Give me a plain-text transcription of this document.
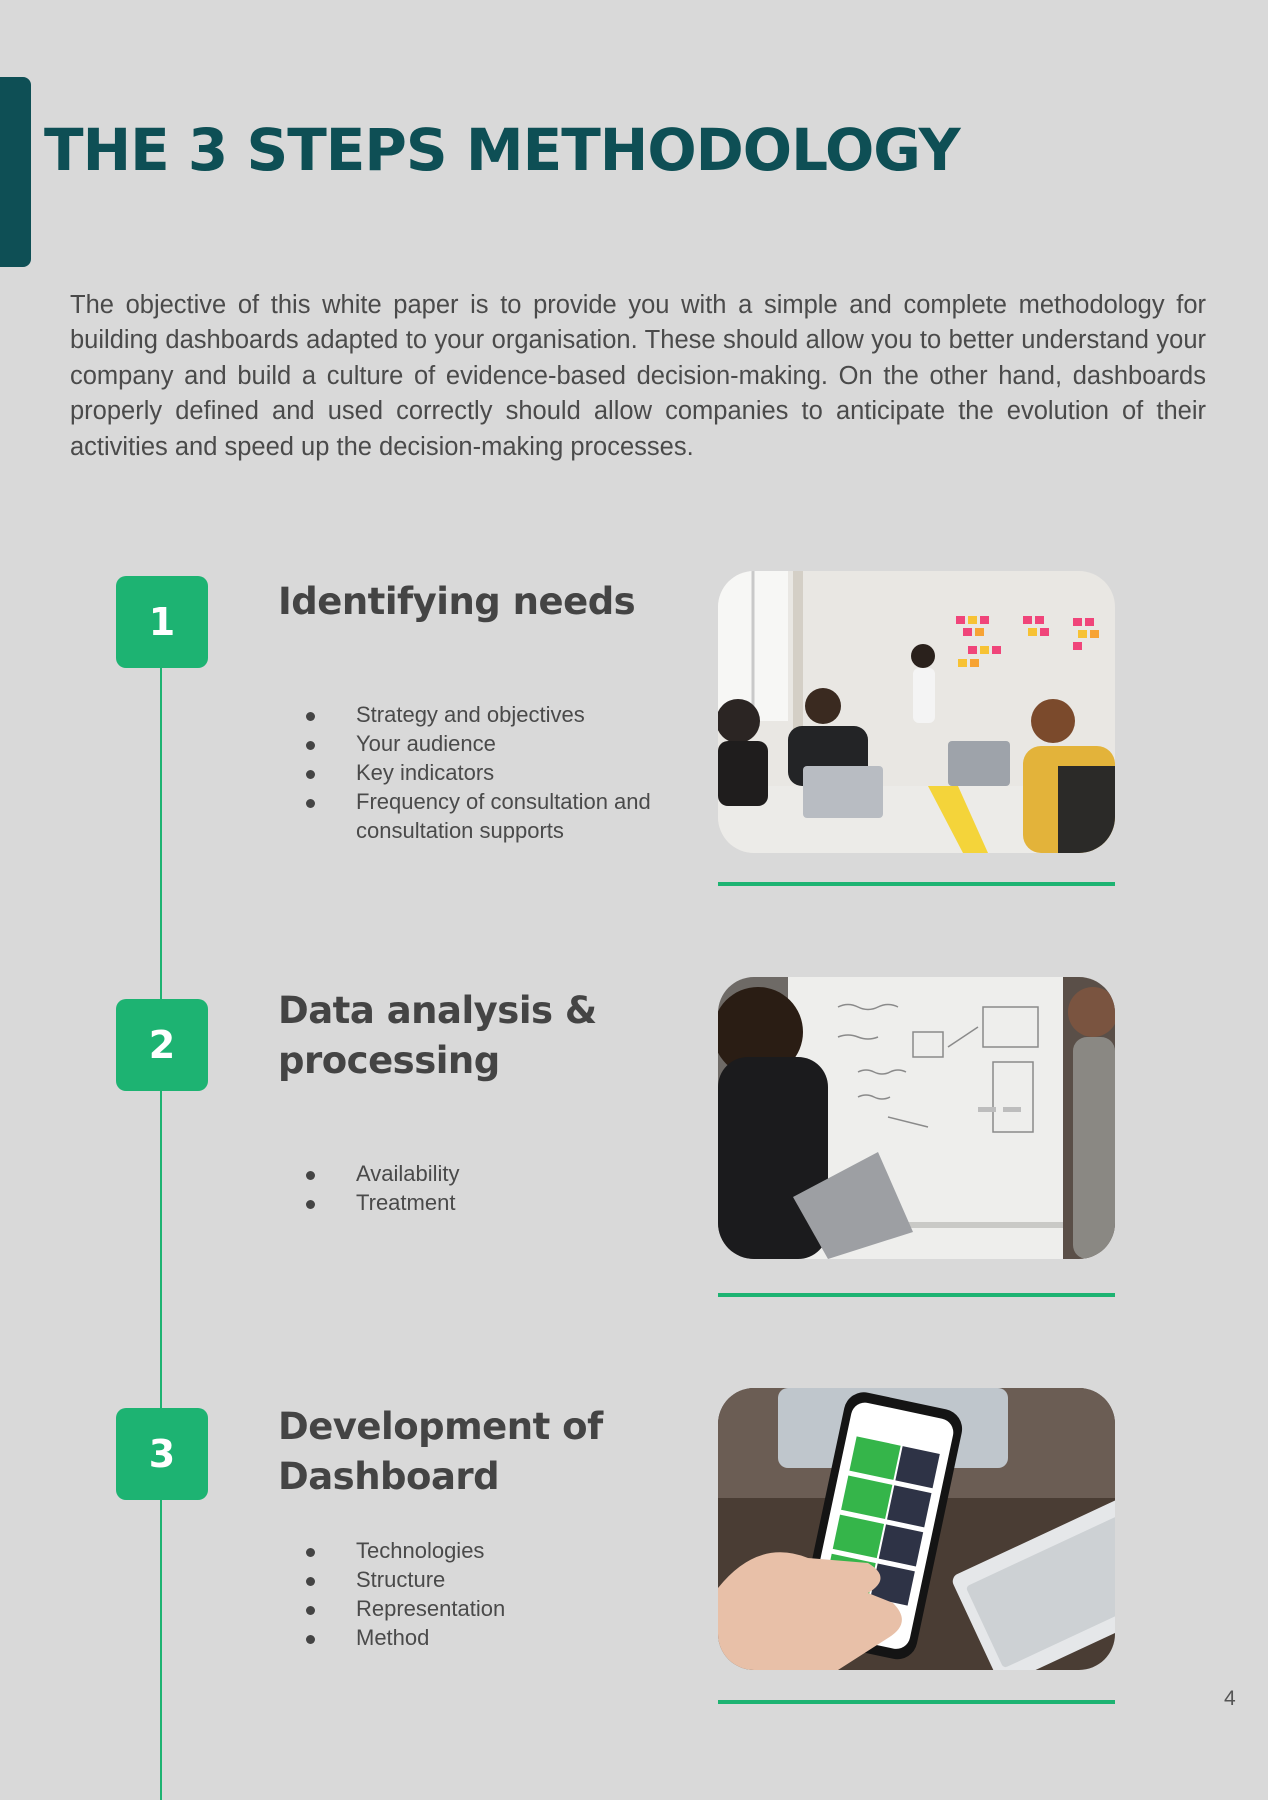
THE 3 STEPS METHODOLOGY

The objective of this white paper is to provide you with a simple and complete methodology for building dashboards adapted to your organisation. These should allow you to better understand your company and build a culture of evidence-based decision-making. On the other hand, dashboards properly defined and used correctly should allow companies to anticipate the evolution of their activities and speed up the decision-making processes.

1	Identifying needs
Strategy and objectives
Your audience
Key indicators
Frequency of consultation and consultation supports
2
Data analysis & processing
Availability
Treatment
3
Development of Dashboard
Technologies
Structure
Representation
Method
4
